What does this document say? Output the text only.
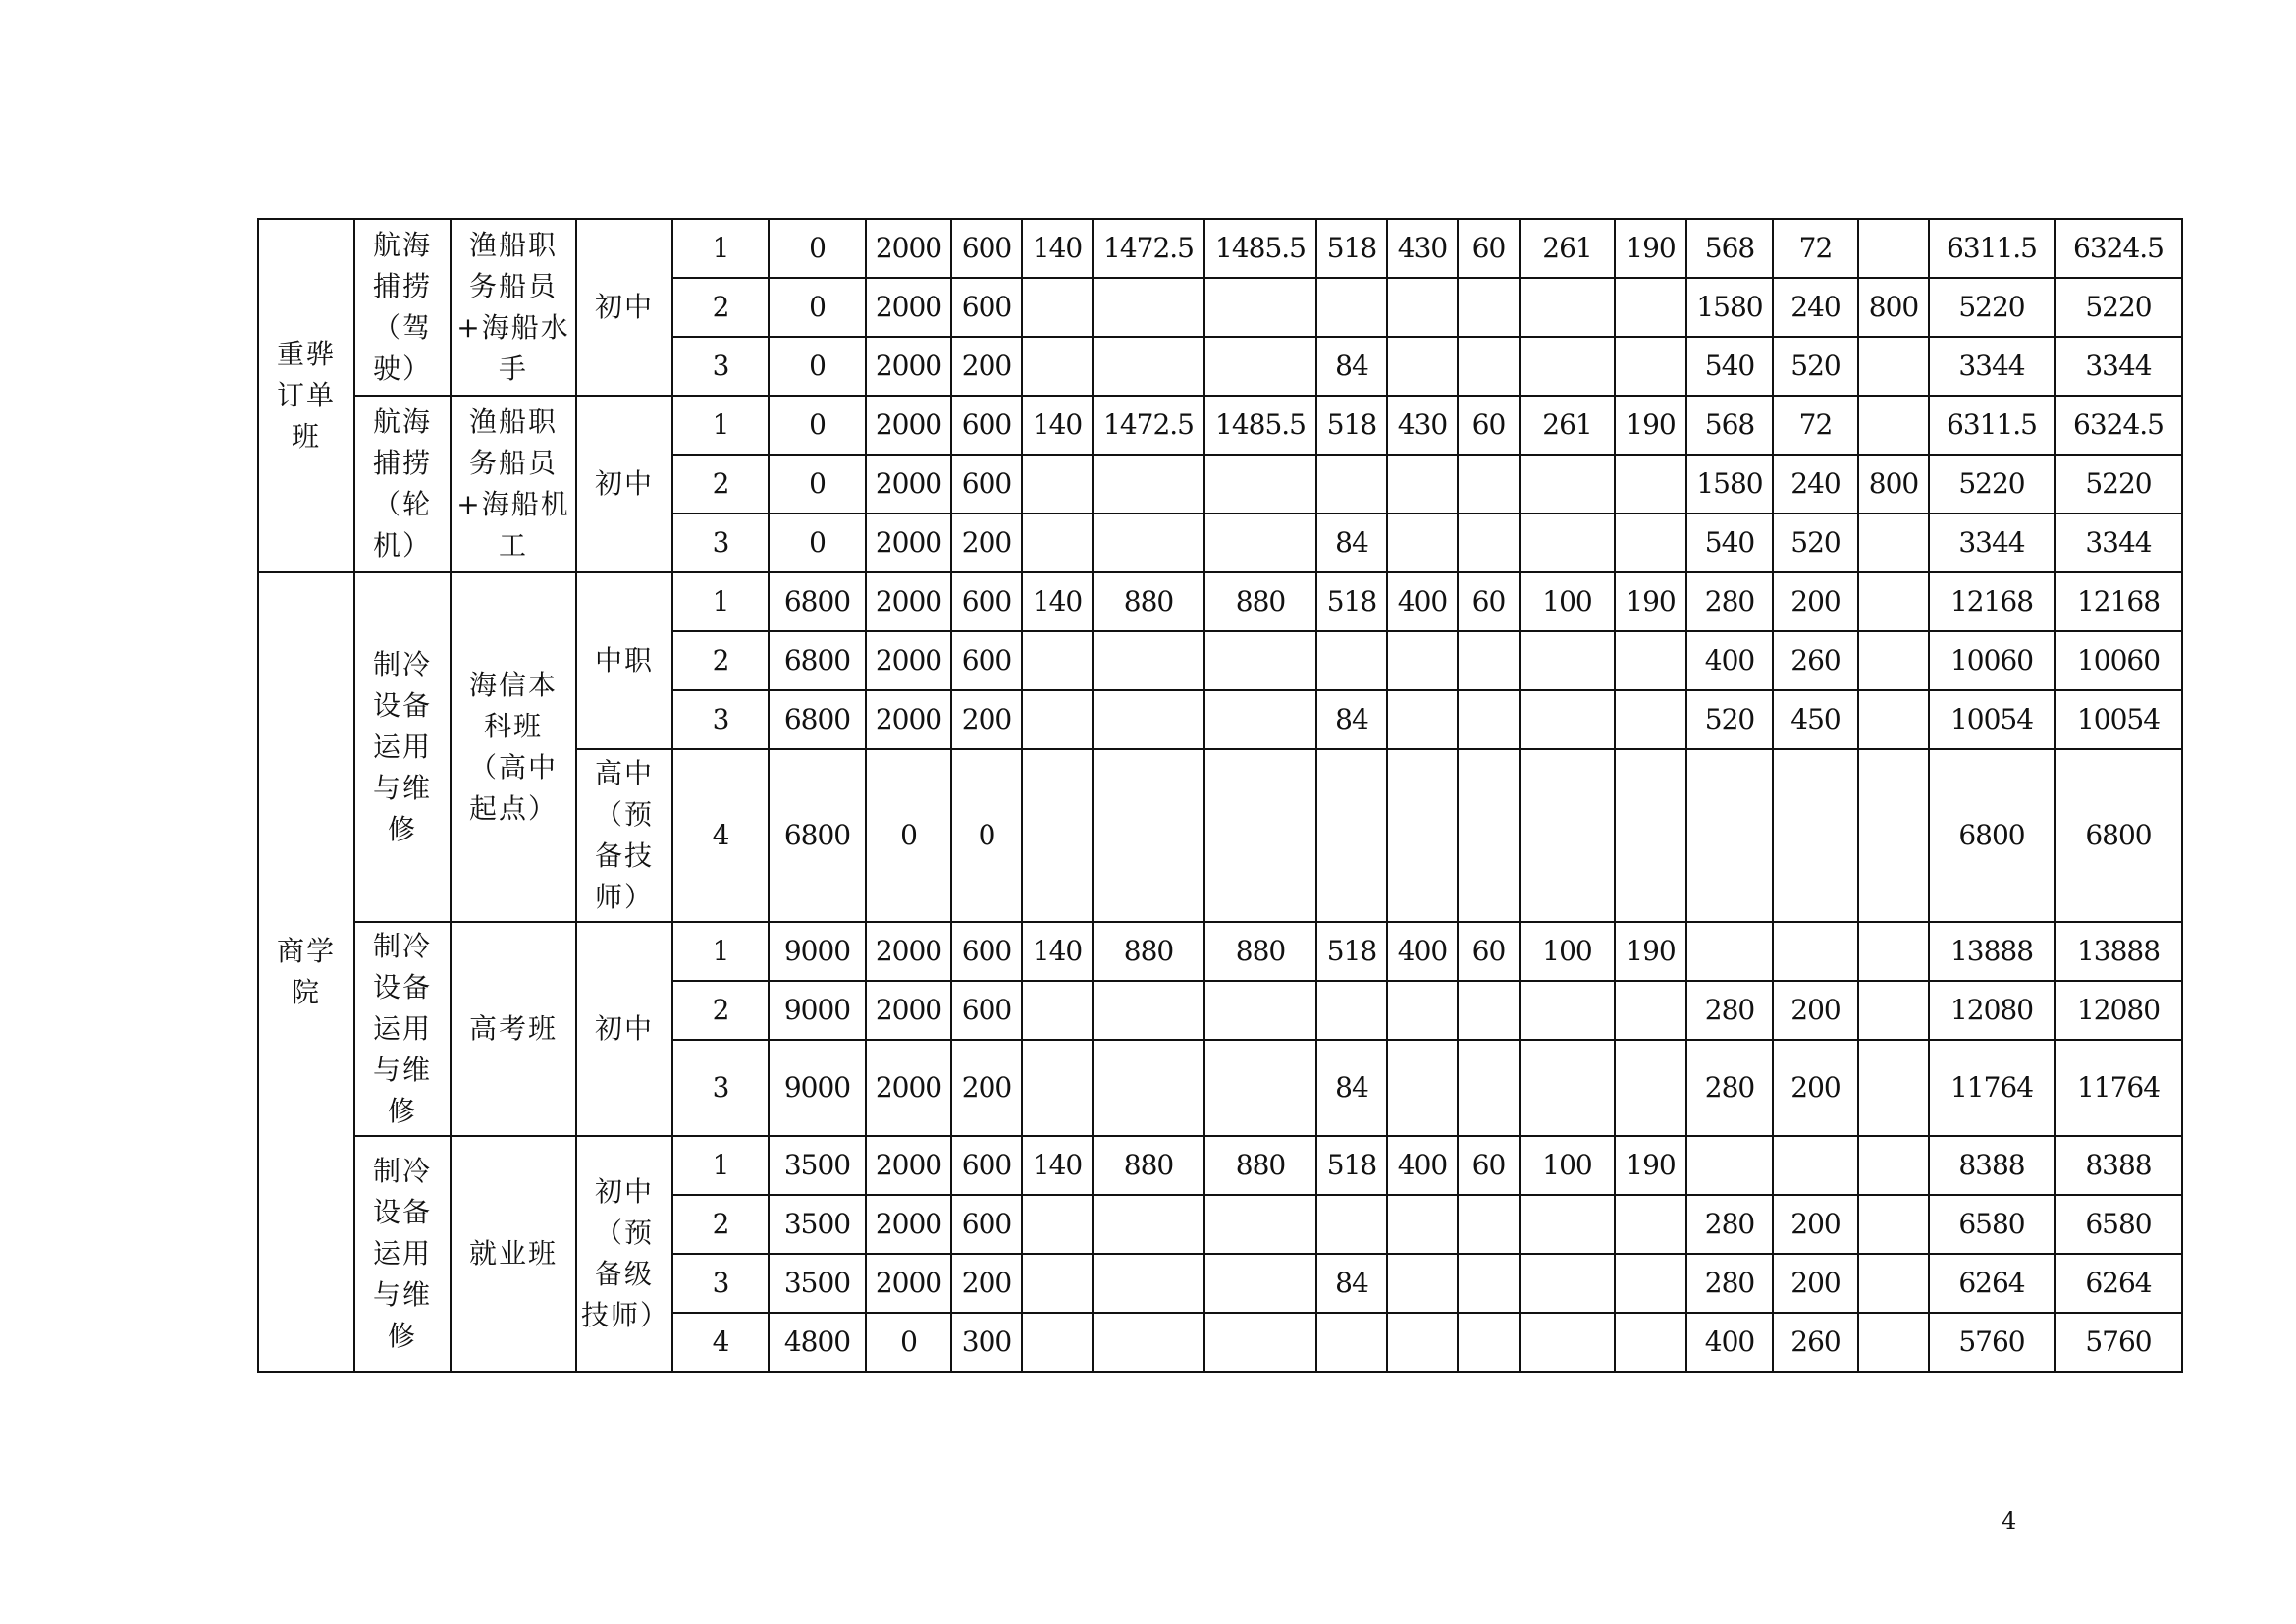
重骅订单班	航海捕捞（驾驶）	渔船职务船员+海船水手	初中	1	0	2000	600	140	1472.5	1485.5	518	430	60	261	190	568	72		6311.5	6324.5
				2	0	2000	600									1580	240	800	5220	5220
				3	0	2000	200				84					540	520		3344	3344
	航海捕捞（轮机）	渔船职务船员+海船机工	初中	1	0	2000	600	140	1472.5	1485.5	518	430	60	261	190	568	72		6311.5	6324.5
				2	0	2000	600									1580	240	800	5220	5220
				3	0	2000	200				84					540	520		3344	3344
商学院	制冷设备运用与维修	海信本科班（高中起点）	中职	1	6800	2000	600	140	880	880	518	400	60	100	190	280	200		12168	12168
				2	6800	2000	600									400	260		10060	10060
				3	6800	2000	200				84					520	450		10054	10054
			高中（预备技师）	4	6800	0	0												6800	6800
	制冷设备运用与维修	高考班	初中	1	9000	2000	600	140	880	880	518	400	60	100	190				13888	13888
				2	9000	2000	600									280	200		12080	12080
				3	9000	2000	200				84					280	200		11764	11764
	制冷设备运用与维修	就业班	初中（预备级技师）	1	3500	2000	600	140	880	880	518	400	60	100	190				8388	8388
				2	3500	2000	600									280	200		6580	6580
				3	3500	2000	200				84					280	200		6264	6264
				4	4800	0	300									400	260		5760	5760
4
